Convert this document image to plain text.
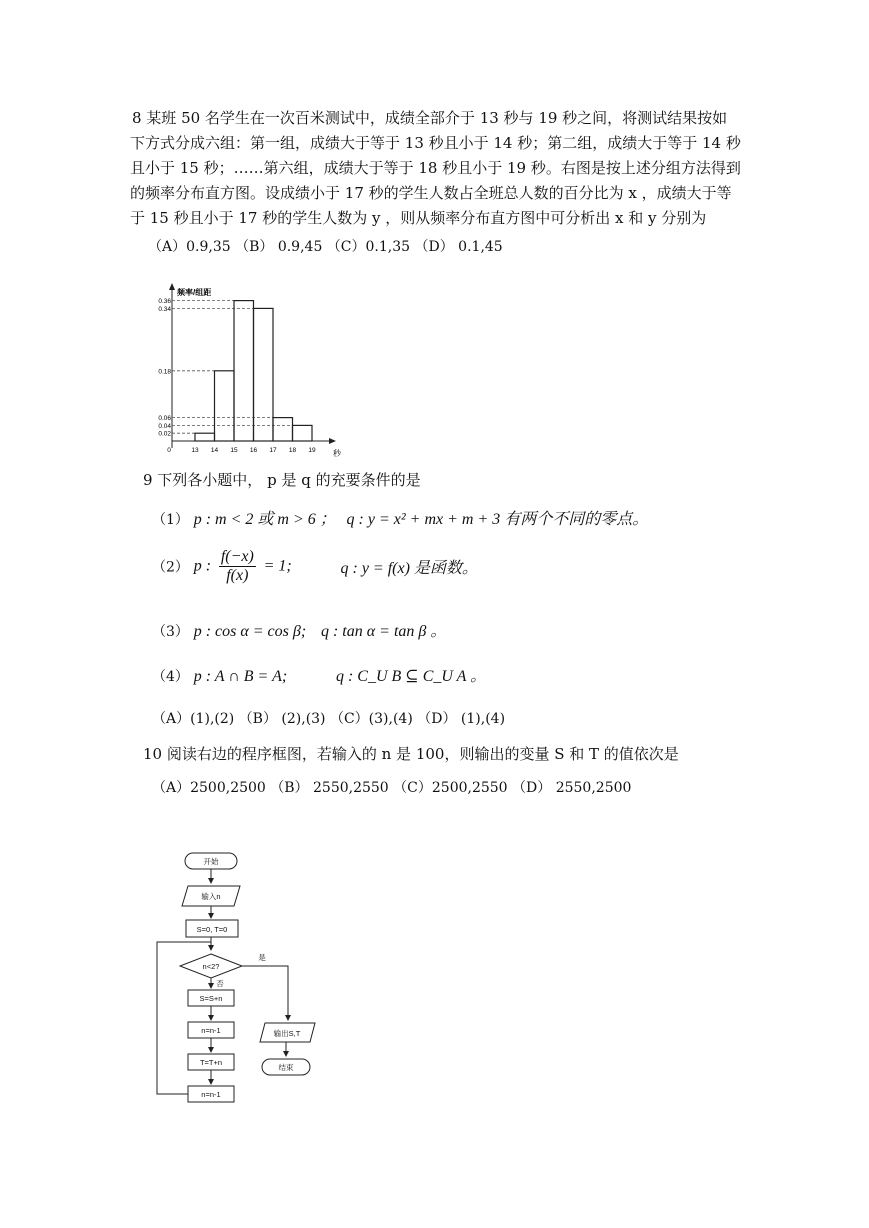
8 某班 50 名学生在一次百米测试中，成绩全部介于 13 秒与 19 秒之间，将测试结果按如
下方式分成六组：第一组，成绩大于等于 13 秒且小于 14 秒；第二组，成绩大于等于 14 秒
且小于 15 秒；……第六组，成绩大于等于 18 秒且小于 19 秒。右图是按上述分组方法得到
的频率分布直方图。设成绩小于 17 秒的学生人数占全班总人数的百分比为 x ，成绩大于等
于 15 秒且小于 17 秒的学生人数为 y ，则从频率分布直方图中可分析出 x 和 y 分别为
（A）0.9,35 （B） 0.9,45 （C）0.1,35 （D） 0.1,45
频率/组距
秒
0.36
0.34
0.18
0.06
0.04
0.02
0	13 14 15 16 17 18 19
9 下列各小题中， p 是 q 的充要条件的是
（1） p : m < 2 或 m > 6 ； q : y = x² + mx + m + 3 有两个不同的零点。
（2） p : $\frac{f(-x)}{f(x)} = 1$;	q : y = f(x) 是函数。
（3） p : cos α = cos β; q : tan α = tan β 。
（4） p : A ∩ B = A;	q : C_U B ⊆ C_U A 。
（A）(1),(2) （B） (2),(3) （C）(3),(4) （D） (1),(4)
10 阅读右边的程序框图，若输入的 n 是 100，则输出的变量 S 和 T 的值依次是
（A）2500,2500 （B） 2550,2550 （C）2500,2550 （D） 2550,2500
开始
输入n
S=0, T=0
n<2?
S=S+n
n=n-1
T=T+n
n=n-1
输出S,T
结束
是
否
